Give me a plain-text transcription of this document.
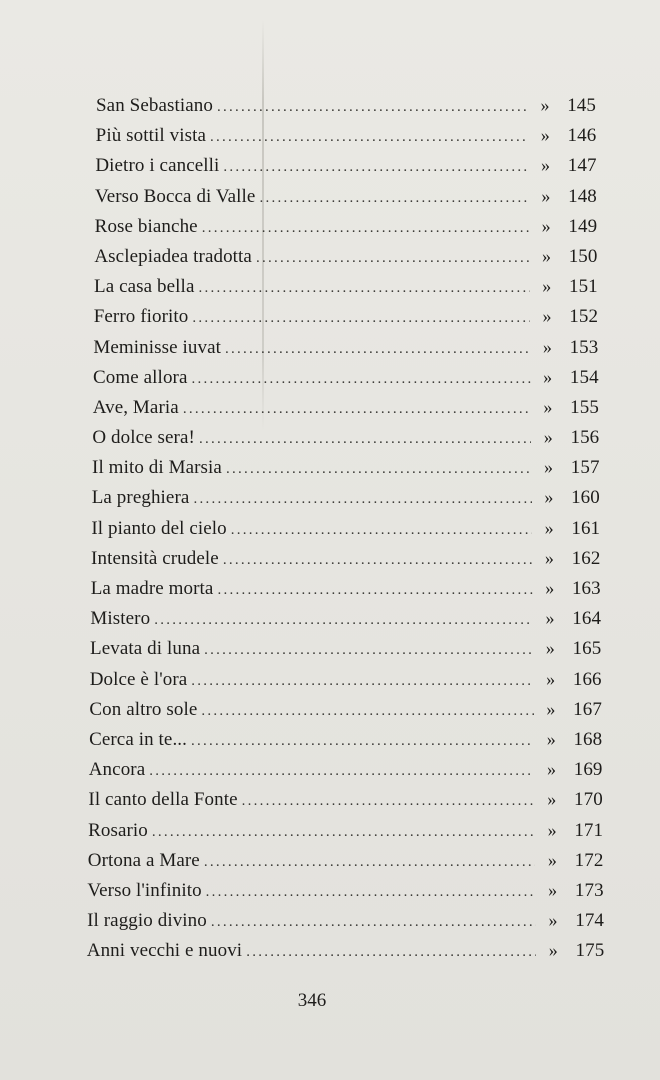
San Sebastiano . . .	» 145
Più sottil vista . . .	» 146
Dietro i cancelli . . .	» 147
Verso Bocca di Valle . . .	» 148
Rose bianche . . .	» 149
Asclepiadea tradotta . . .	» 150
La casa bella . . .	» 151
Ferro fiorito . . .	» 152
Meminisse iuvat . . .	» 153
Come allora . . .	» 154
Ave, Maria . . .	» 155
O dolce sera! . . .	» 156
Il mito di Marsia . . .	» 157
La preghiera . . .	» 160
Il pianto del cielo . . .	» 161
Intensità crudele . . .	» 162
La madre morta . . .	» 163
Mistero . . .	» 164
Levata di luna . . .	» 165
Dolce è l'ora . . .	» 166
Con altro sole . . .	» 167
Cerca in te... . . .	» 168
Ancora . . .	» 169
Il canto della Fonte . . .	» 170
Rosario . . .	» 171
Ortona a Mare . . .	» 172
Verso l'infinito . . .	» 173
Il raggio divino . . .	» 174
Anni vecchi e nuovi . . .	» 175
346
